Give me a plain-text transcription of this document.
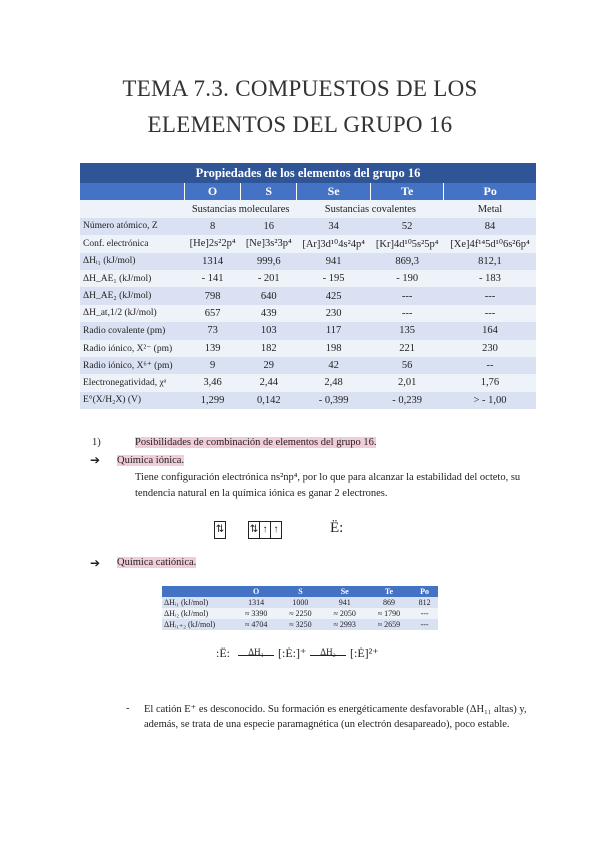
TEMA 7.3. COMPUESTOS DE LOS
ELEMENTOS DEL GRUPO 16
Propiedades de los elementos del grupo 16					
	O	S	Se	Te	Po
	Sustancias moleculares		Sustancias covalentes		Metal
Número atómico, Z	8	16	34	52	84
Conf. electrónica	[He]2s²2p⁴	[Ne]3s²3p⁴	[Ar]3d¹⁰4s²4p⁴	[Kr]4d¹⁰5s²5p⁴	[Xe]4f¹⁴5d¹⁰6s²6p⁴
ΔHᵢ₁ (kJ/mol)	1314	999,6	941	869,3	812,1
ΔH_AE₁ (kJ/mol)	- 141	- 201	- 195	- 190	- 183
ΔH_AE₂ (kJ/mol)	798	640	425	---	---
ΔH_at,1/2 (kJ/mol)	657	439	230	---	---
Radio covalente (pm)	73	103	117	135	164
Radio iónico, X²⁻ (pm)	139	182	198	221	230
Radio iónico, X⁶⁺ (pm)	9	29	42	56	--
Electronegatividad, χᵃ	3,46	2,44	2,48	2,01	1,76
E°(X/H₂X) (V)	1,299	0,142	- 0,399	- 0,239	> - 1,00
1)	Posibilidades de combinación de elementos del grupo 16.
➔ Química iónica.
Tiene configuración electrónica ns²np⁴, por lo que para alcanzar la estabilidad del octeto, su
tendencia natural en la química iónica es ganar 2 electrones.
⇅	⇅ ↑ ↑	Ë:
➔ Química catiónica.
	O	S	Se	Te	Po
ΔHᵢ₁ (kJ/mol)	1314	1000	941	869	812
ΔHᵢ₂ (kJ/mol)	≈ 3390	≈ 2250	≈ 2050	≈ 1790	---
ΔHᵢ₁₊₂ (kJ/mol)	≈ 4704	≈ 3250	≈ 2993	≈ 2659	---
:Ë:	ΔH₁	[:Ė:]⁺	ΔH₂	[:Ė]²⁺
- El catión E⁺ es desconocido. Su formación es energéticamente desfavorable (ΔH₁₁ altas) y,
además, se trata de una especie paramagnética (un electrón desapareado), poco estable.
